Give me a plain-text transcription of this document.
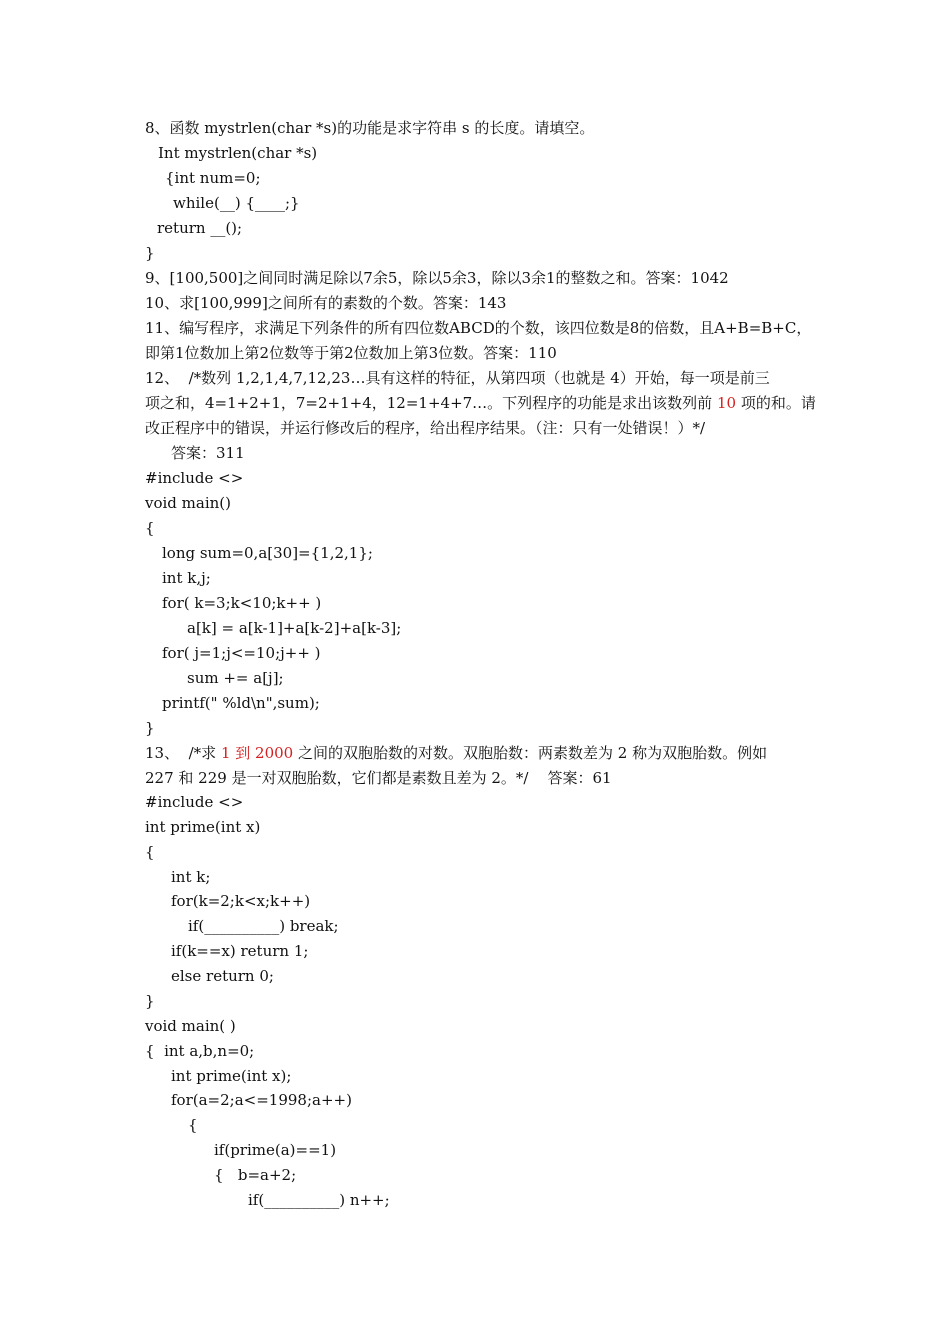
8、函数 mystrlen(char *s)的功能是求字符串 s 的长度。请填空。
Int mystrlen(char *s)
{int num=0;
while(__) {____;}
return __();
}
9、[100,500]之间同时满足除以7余5，除以5余3，除以3余1的整数之和。答案：1042
10、求[100,999]之间所有的素数的个数。答案：143
11、编写程序，求满足下列条件的所有四位数ABCD的个数，该四位数是8的倍数，且A+B=B+C，
即第1位数加上第2位数等于第2位数加上第3位数。答案：110
12、  /*数列 1,2,1,4,7,12,23…具有这样的特征，从第四项（也就是 4）开始，每一项是前三
项之和，4=1+2+1，7=2+1+4，12=1+4+7…。下列程序的功能是求出该数列前 10 项的和。请
改正程序中的错误，并运行修改后的程序，给出程序结果。（注：只有一处错误！）*/
答案：311
#include <>
void main()
{
long sum=0,a[30]={1,2,1};
int k,j;
for( k=3;k<10;k++ )
a[k] = a[k-1]+a[k-2]+a[k-3];
for( j=1;j<=10;j++ )
sum += a[j];
printf(" %ld\n",sum);
}
13、  /*求 1 到 2000 之间的双胞胎数的对数。双胞胎数：两素数差为 2 称为双胞胎数。例如
227 和 229 是一对双胞胎数，它们都是素数且差为 2。*/    答案：61
#include <>
int prime(int x)
{
int k;
for(k=2;k<x;k++)
if(__________) break;
if(k==x) return 1;
else return 0;
}
void main( )
{  int a,b,n=0;
int prime(int x);
for(a=2;a<=1998;a++)
{
if(prime(a)==1)
{   b=a+2;
if(__________) n++;
